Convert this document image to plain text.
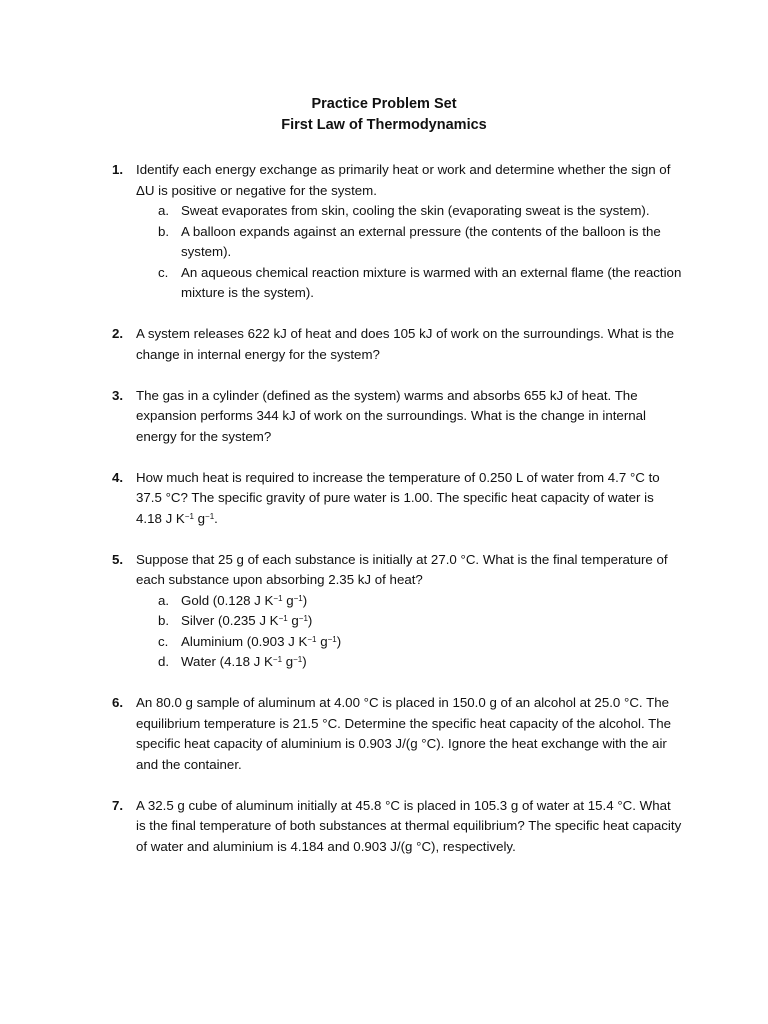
Practice Problem Set
First Law of Thermodynamics
1. Identify each energy exchange as primarily heat or work and determine whether the sign of ΔU is positive or negative for the system.
a. Sweat evaporates from skin, cooling the skin (evaporating sweat is the system).
b. A balloon expands against an external pressure (the contents of the balloon is the system).
c. An aqueous chemical reaction mixture is warmed with an external flame (the reaction mixture is the system).
2. A system releases 622 kJ of heat and does 105 kJ of work on the surroundings. What is the change in internal energy for the system?
3. The gas in a cylinder (defined as the system) warms and absorbs 655 kJ of heat. The expansion performs 344 kJ of work on the surroundings. What is the change in internal energy for the system?
4. How much heat is required to increase the temperature of 0.250 L of water from 4.7 °C to 37.5 °C? The specific gravity of pure water is 1.00. The specific heat capacity of water is 4.18 J $K^{-1}$ $g^{-1}$.
5. Suppose that 25 g of each substance is initially at 27.0 °C. What is the final temperature of each substance upon absorbing 2.35 kJ of heat?
a. Gold (0.128 J $K^{-1}$ $g^{-1}$)
b. Silver (0.235 J $K^{-1}$ $g^{-1}$)
c. Aluminium (0.903 J $K^{-1}$ $g^{-1}$)
d. Water (4.18 J $K^{-1}$ $g^{-1}$)
6. An 80.0 g sample of aluminum at 4.00 °C is placed in 150.0 g of an alcohol at 25.0 °C. The equilibrium temperature is 21.5 °C. Determine the specific heat capacity of the alcohol. The specific heat capacity of aluminium is 0.903 J/(g °C). Ignore the heat exchange with the air and the container.
7. A 32.5 g cube of aluminum initially at 45.8 °C is placed in 105.3 g of water at 15.4 °C. What is the final temperature of both substances at thermal equilibrium? The specific heat capacity of water and aluminium is 4.184 and 0.903 J/(g °C), respectively.
